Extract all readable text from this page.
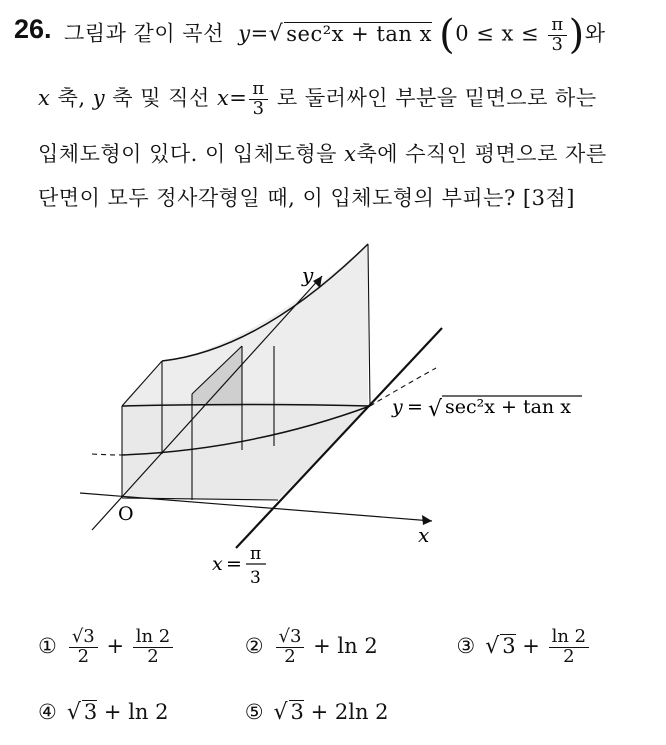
26. 그림과 같이 곡선 y=√ sec²x + tan x ($0 \le x \le \frac{\pi}{3}$ )와
x 축, y 축 및 직선 $x= \frac{\pi}{3}$ 로 둘러싸인 부분을 밑면으로 하는
입체도형이 있다. 이 입체도형을 x축에 수직인 평면으로 자른
단면이 모두 정사각형일 때, 이 입체도형의 부피는? [3점]
y
x
O
y = √ sec²x + tan x
x = π
3
① $\frac{√3}{2} + \frac{\ln 2}{2}$	② $\frac{√3}{2} + \ln 2$	③ √ $3 + \frac{\ln 2}{2}$
④ √ 3 + ln 2	⑤ √ 3 + 2ln 2
